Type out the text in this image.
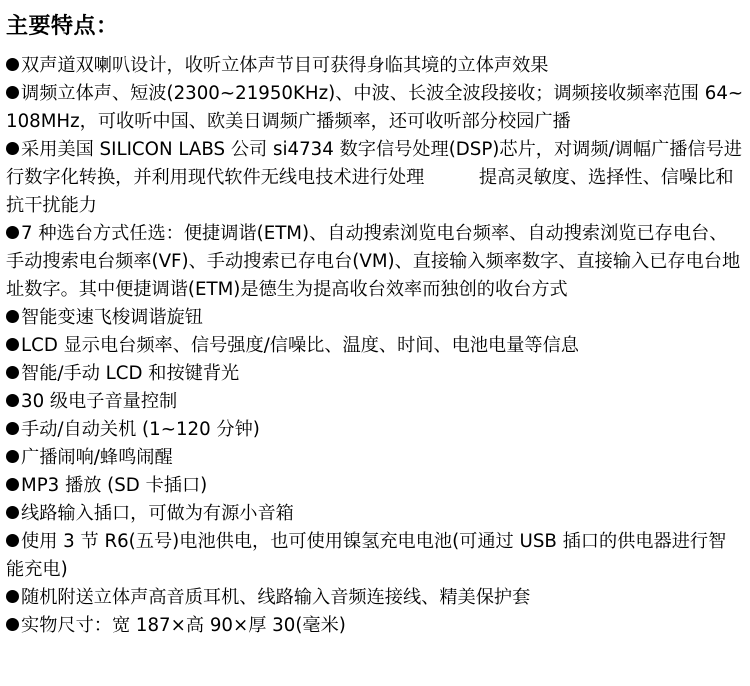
主要特点：
双声道双喇叭设计，收听立体声节目可获得身临其境的立体声效果
调频立体声、短波(2300~21950KHz)、中波、长波全波段接收；调频接收频率范围 64~108MHz，可收听中国、欧美日调频广播频率，还可收听部分校园广播
采用美国 SILICON LABS 公司 si4734 数字信号处理(DSP)芯片，对调频/调幅广播信号进行数字化转换，并利用现代软件无线电技术进行处理　　　提高灵敏度、选择性、信噪比和抗干扰能力
7 种选台方式任选：便捷调谐(ETM)、自动搜索浏览电台频率、自动搜索浏览已存电台、手动搜索电台频率(VF)、手动搜索已存电台(VM)、直接输入频率数字、直接输入已存电台地址数字。其中便捷调谐(ETM)是德生为提高收台效率而独创的收台方式
智能变速飞梭调谐旋钮
LCD 显示电台频率、信号强度/信噪比、温度、时间、电池电量等信息
智能/手动 LCD 和按键背光
30 级电子音量控制
手动/自动关机 (1~120 分钟)
广播闹响/蜂鸣闹醒
MP3 播放 (SD 卡插口)
线路输入插口，可做为有源小音箱
使用 3 节 R6(五号)电池供电，也可使用镍氢充电电池(可通过 USB 插口的供电器进行智能充电)
随机附送立体声高音质耳机、线路输入音频连接线、精美保护套
实物尺寸：宽 187×高 90×厚 30(毫米)
